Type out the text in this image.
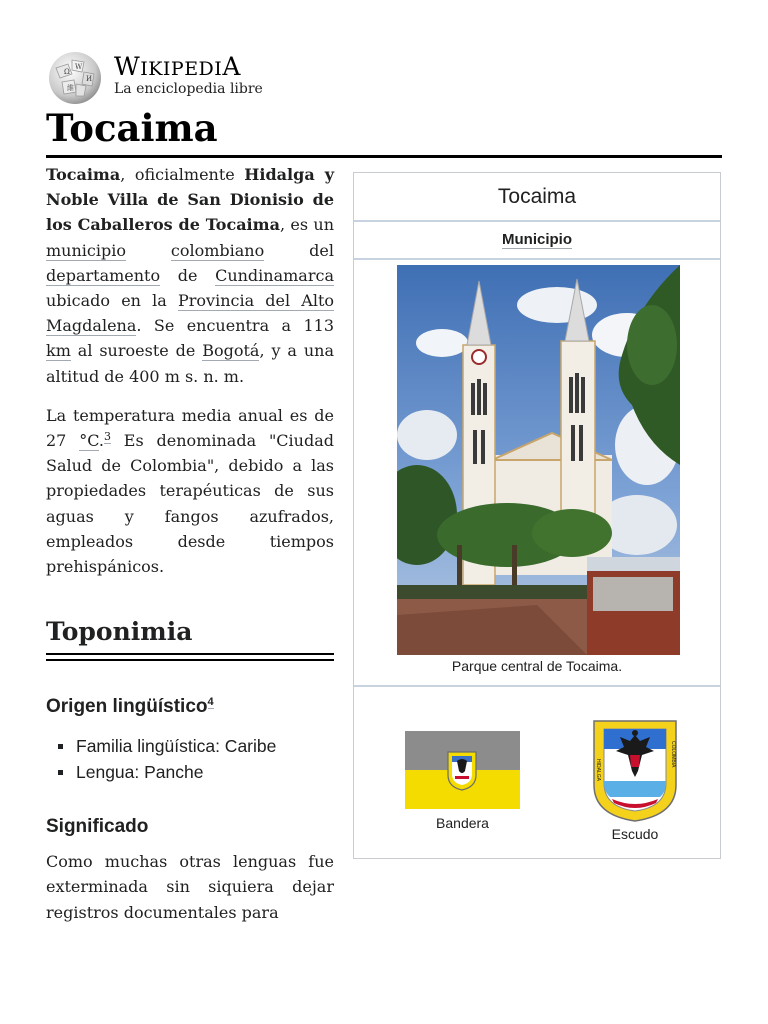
Ω
W
И
維
WIKIPEDIA
La enciclopedia libre
Tocaima

Tocaima, oficialmente Hidalga y Noble Villa de San Dionisio de los Caballeros de Tocaima, es un municipio	colombiano del departamento de Cundinamarca ubicado en la Provincia del Alto Magdalena. Se encuentra a 113 km al suroeste de Bogotá, y a una altitud de 400 m s. n. m.

La temperatura media anual es de 27 °C.$^3$ Es denominada "Ciudad Salud de Colombia", debido a las propiedades terapéuticas de sus aguas y fangos azufrados, empleados desde tiempos prehispánicos.

Toponimia
Origen lingüístico$^4$
Familia lingüística: Caribe
Lengua: Panche
Significado

Como muchas otras lenguas fue exterminada sin siquiera dejar registros documentales para

Tocaima
Municipio
Parque central de Tocaima.
Bandera
HIDALGA
COLOMBIA
Escudo
